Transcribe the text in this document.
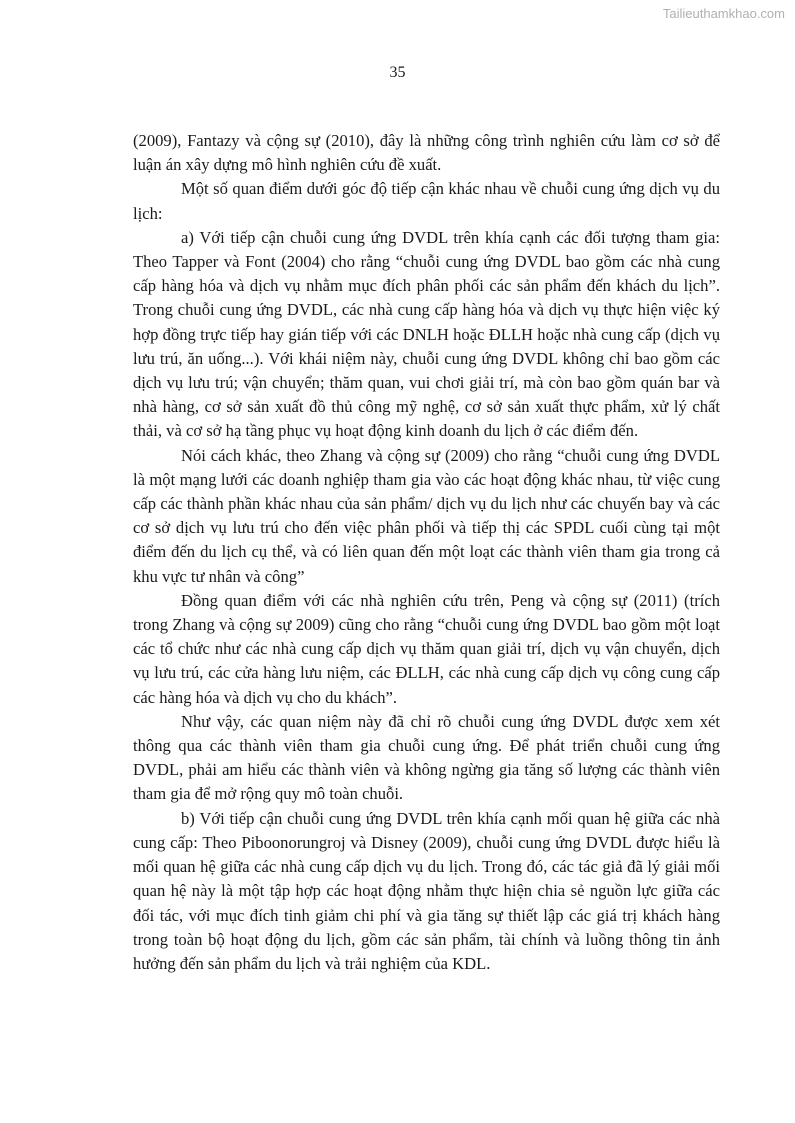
Tailieuthamkhao.com
35

(2009), Fantazy và cộng sự (2010), đây là những công trình nghiên cứu làm cơ sở để luận án xây dựng mô hình nghiên cứu đề xuất.

Một số quan điểm dưới góc độ tiếp cận khác nhau về chuỗi cung ứng dịch vụ du lịch:

a) Với tiếp cận chuỗi cung ứng DVDL trên khía cạnh các đối tượng tham gia: Theo Tapper và Font (2004) cho rằng “chuỗi cung ứng DVDL bao gồm các nhà cung cấp hàng hóa và dịch vụ nhằm mục đích phân phối các sản phẩm đến khách du lịch”. Trong chuỗi cung ứng DVDL, các nhà cung cấp hàng hóa và dịch vụ thực hiện việc ký hợp đồng trực tiếp hay gián tiếp với các DNLH hoặc ĐLLH hoặc nhà cung cấp (dịch vụ lưu trú, ăn uống...). Với khái niệm này, chuỗi cung ứng DVDL không chỉ bao gồm các dịch vụ lưu trú; vận chuyển; thăm quan, vui chơi giải trí, mà còn bao gồm quán bar và nhà hàng, cơ sở sản xuất đồ thủ công mỹ nghệ, cơ sở sản xuất thực phẩm, xử lý chất thải, và cơ sở hạ tầng phục vụ hoạt động kinh doanh du lịch ở các điểm đến.

Nói cách khác, theo Zhang và cộng sự (2009) cho rằng “chuỗi cung ứng DVDL là một mạng lưới các doanh nghiệp tham gia vào các hoạt động khác nhau, từ việc cung cấp các thành phần khác nhau của sản phẩm/ dịch vụ du lịch như các chuyến bay và các cơ sở dịch vụ lưu trú cho đến việc phân phối và tiếp thị các SPDL cuối cùng tại một điểm đến du lịch cụ thể, và có liên quan đến một loạt các thành viên tham gia trong cả khu vực tư nhân và công”

Đồng quan điểm với các nhà nghiên cứu trên, Peng và cộng sự (2011) (trích trong Zhang và cộng sự 2009) cũng cho rằng “chuỗi cung ứng DVDL bao gồm một loạt các tổ chức như các nhà cung cấp dịch vụ thăm quan giải trí, dịch vụ vận chuyển, dịch vụ lưu trú, các cửa hàng lưu niệm, các ĐLLH, các nhà cung cấp dịch vụ công cung cấp các hàng hóa và dịch vụ cho du khách”.

Như vậy, các quan niệm này đã chỉ rõ chuỗi cung ứng DVDL được xem xét thông qua các thành viên tham gia chuỗi cung ứng. Để phát triển chuỗi cung ứng DVDL, phải am hiểu các thành viên và không ngừng gia tăng số lượng các thành viên tham gia để mở rộng quy mô toàn chuỗi.

b) Với tiếp cận chuỗi cung ứng DVDL trên khía cạnh mối quan hệ giữa các nhà cung cấp: Theo Piboonorungroj và Disney (2009), chuỗi cung ứng DVDL được hiểu là mối quan hệ giữa các nhà cung cấp dịch vụ du lịch. Trong đó, các tác giả đã lý giải mối quan hệ này là một tập hợp các hoạt động nhằm thực hiện chia sẻ nguồn lực giữa các đối tác, với mục đích tinh giảm chi phí và gia tăng sự thiết lập các giá trị khách hàng trong toàn bộ hoạt động du lịch, gồm các sản phẩm, tài chính và luồng thông tin ảnh hưởng đến sản phẩm du lịch và trải nghiệm của KDL.
